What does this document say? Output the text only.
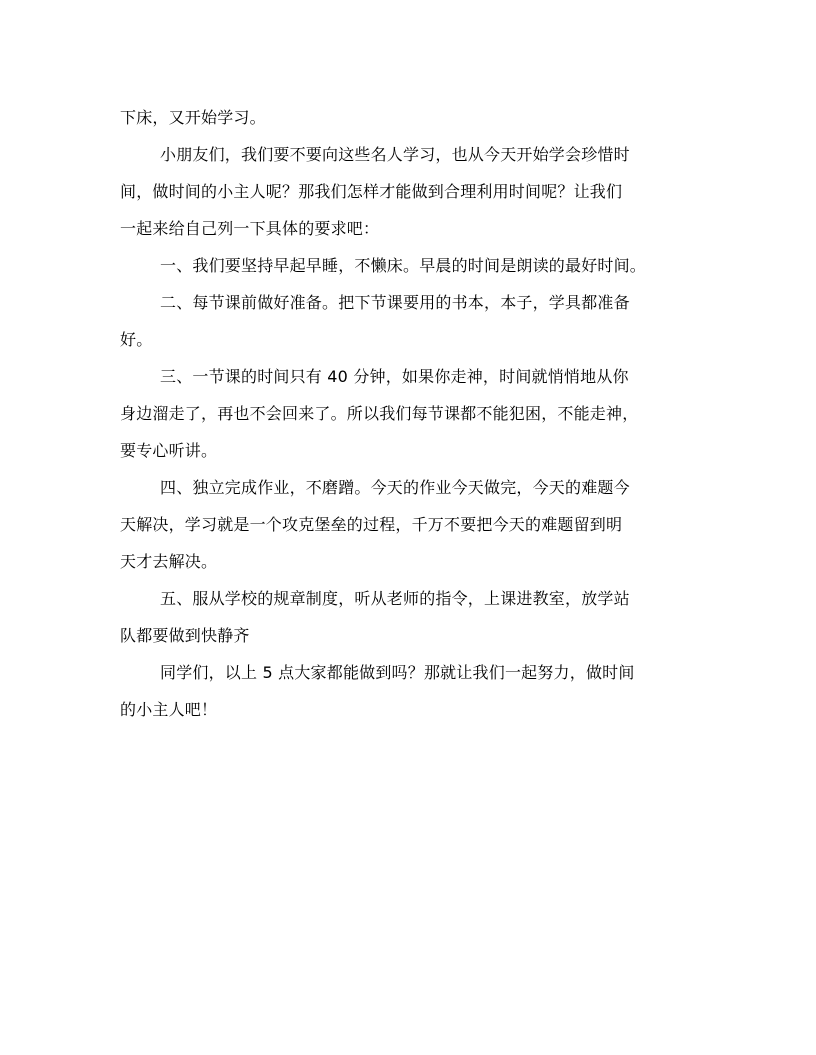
下床，又开始学习。
小朋友们，我们要不要向这些名人学习，也从今天开始学会珍惜时
间，做时间的小主人呢？那我们怎样才能做到合理利用时间呢？让我们
一起来给自己列一下具体的要求吧：
一、我们要坚持早起早睡，不懒床。早晨的时间是朗读的最好时间。
二、每节课前做好准备。把下节课要用的书本，本子，学具都准备
好。
三、一节课的时间只有 40 分钟，如果你走神，时间就悄悄地从你
身边溜走了，再也不会回来了。所以我们每节课都不能犯困，不能走神，
要专心听讲。
四、独立完成作业，不磨蹭。今天的作业今天做完，今天的难题今
天解决，学习就是一个攻克堡垒的过程，千万不要把今天的难题留到明
天才去解决。
五、服从学校的规章制度，听从老师的指令，上课进教室，放学站
队都要做到快静齐
同学们，以上 5 点大家都能做到吗？那就让我们一起努力，做时间
的小主人吧！
